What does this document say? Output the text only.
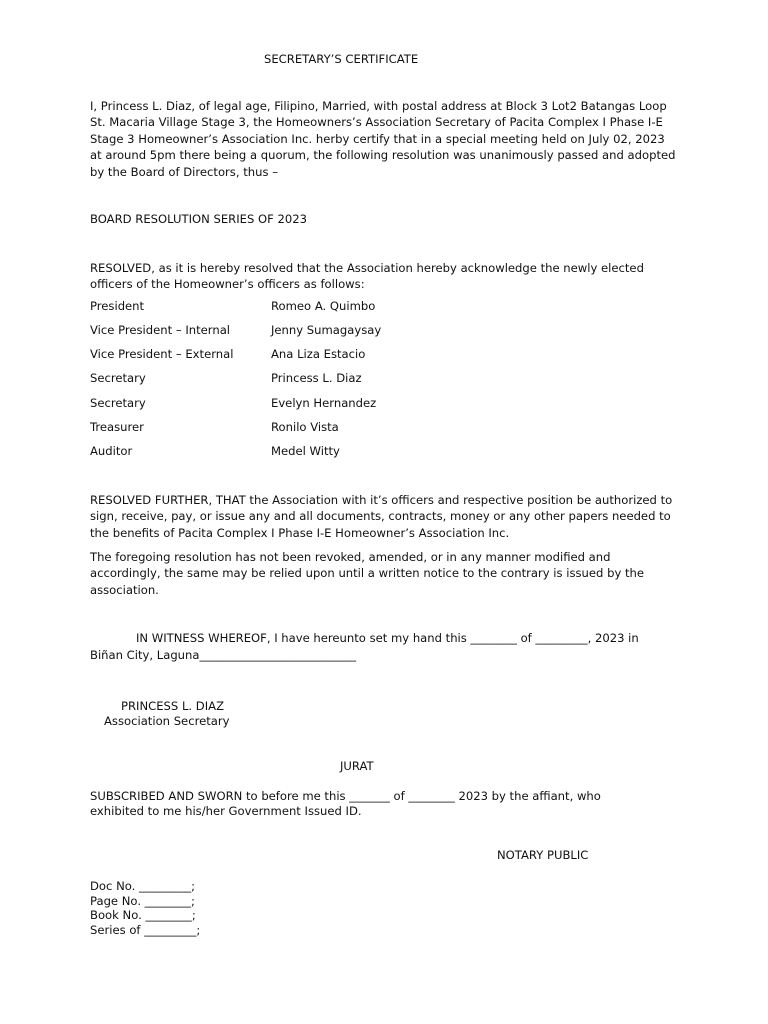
SECRETARY’S CERTIFICATE

I, Princess L. Diaz, of legal age, Filipino, Married, with postal address at Block 3 Lot2 Batangas Loop St. Macaria Village Stage 3, the Homeowners’s Association Secretary of Pacita Complex I Phase I-E Stage 3 Homeowner’s Association Inc. herby certify that in a special meeting held on July 02, 2023 at around 5pm there being a quorum, the following resolution was unanimously passed and adopted by the Board of Directors, thus –

BOARD RESOLUTION SERIES OF 2023

RESOLVED, as it is hereby resolved that the Association hereby acknowledge the newly elected officers of the Homeowner’s officers as follows:

President	Romeo A. Quimbo
Vice President – Internal	Jenny Sumagaysay
Vice President – External	Ana Liza Estacio
Secretary	Princess L. Diaz
Secretary	Evelyn Hernandez
Treasurer	Ronilo Vista
Auditor	Medel Witty

RESOLVED FURTHER, THAT the Association with it’s officers and respective position be authorized to sign, receive, pay, or issue any and all documents, contracts, money or any other papers needed to the benefits of Pacita Complex I Phase I-E Homeowner’s Association Inc.

The foregoing resolution has not been revoked, amended, or in any manner modified and accordingly, the same may be relied upon until a written notice to the contrary is issued by the association.

IN WITNESS WHEREOF, I have hereunto set my hand this ________ of _________, 2023 in

Biñan City, Laguna___________________________

PRINCESS L. DIAZ

Association Secretary

JURAT

SUBSCRIBED AND SWORN to before me this _______ of ________ 2023 by the affiant, who

exhibited to me his/her Government Issued ID.

NOTARY PUBLIC

Doc No. _________;

Page No. ________;

Book No. ________;

Series of _________;
